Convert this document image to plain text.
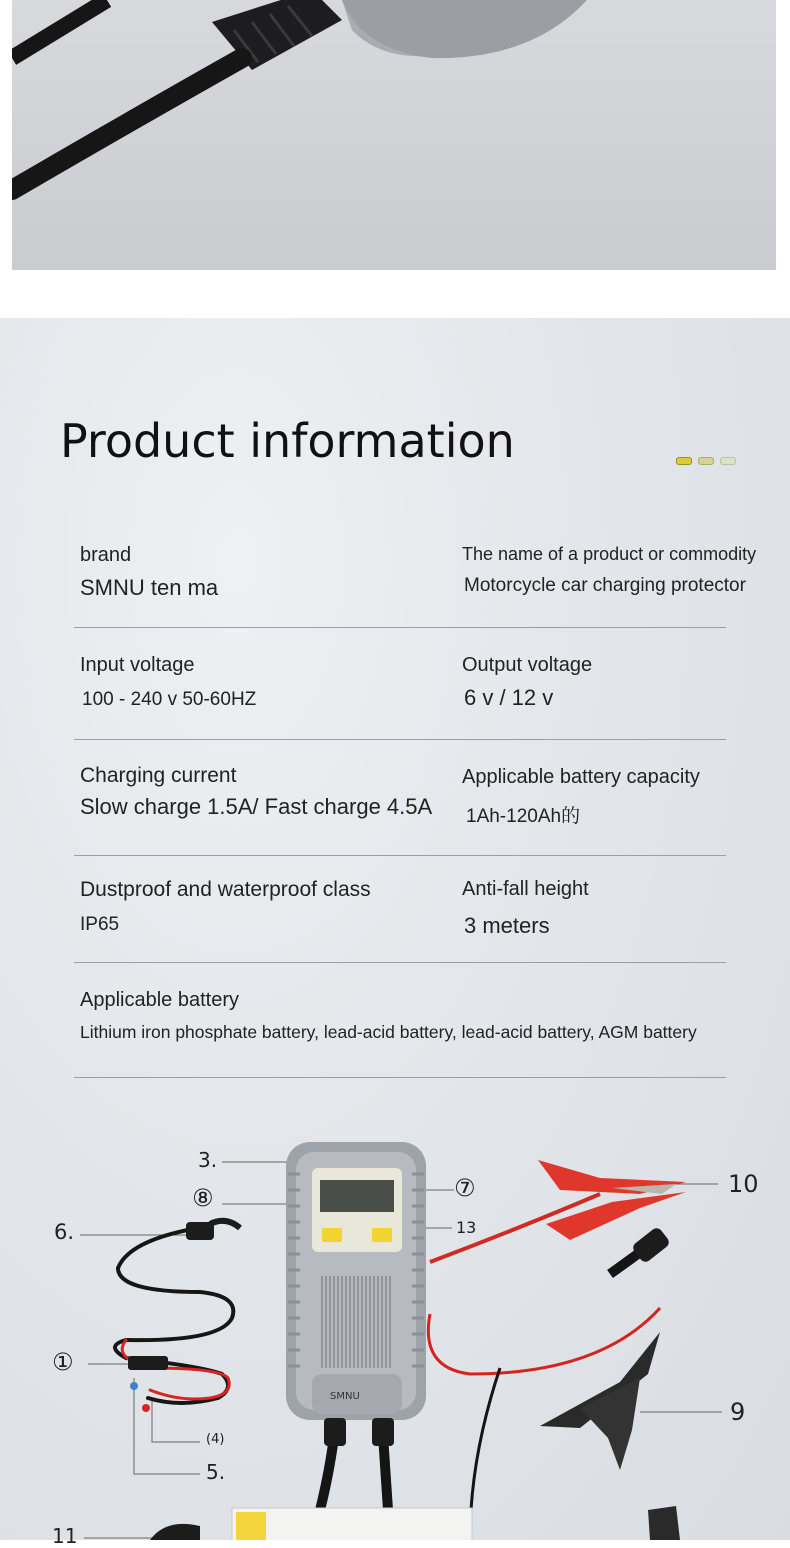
Product information
brand
SMNU ten ma
The name of a product or commodity
Motorcycle car charging protector
Input voltage
100 - 240 v 50-60HZ
Output voltage
6 v / 12 v
Charging current
Slow charge 1.5A/ Fast charge 4.5A
Applicable battery capacity
1Ah-120Ah的
Dustproof and waterproof class
IP65
Anti-fall height
3 meters
Applicable battery
Lithium iron phosphate battery, lead-acid battery, lead-acid battery, AGM battery
3.
⑧
6.
⑦
13
10
①
(4)
5.
9
11
SMNU
